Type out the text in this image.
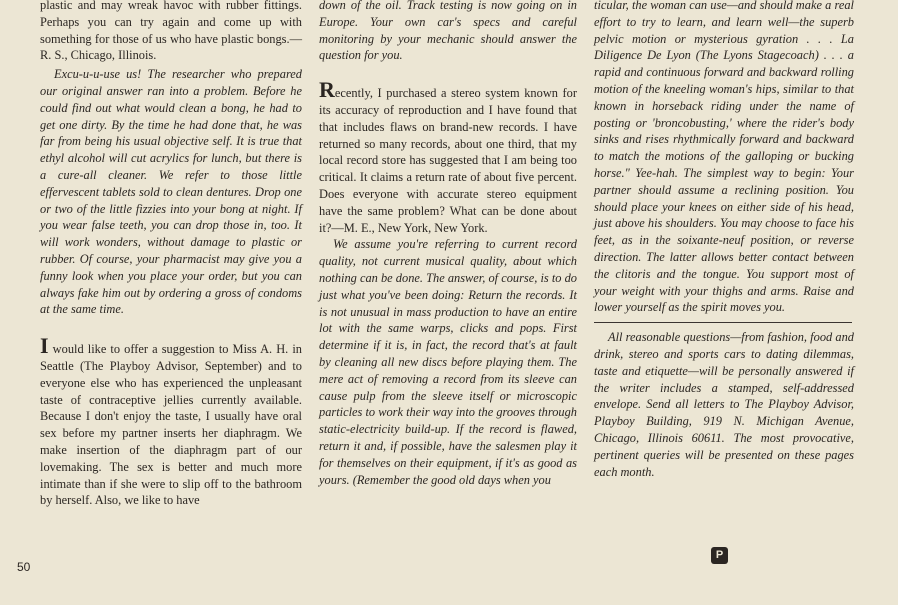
plastic and may wreak havoc with rubber fittings. Perhaps you can try again and come up with something for those of us who have plastic bongs.—R. S., Chicago, Illinois.

Excu-u-u-use us! The researcher who prepared our original answer ran into a problem. Before he could find out what would clean a bong, he had to get one dirty. By the time he had done that, he was far from being his usual objective self. It is true that ethyl alcohol will cut acrylics for lunch, but there is a cure-all cleaner. We refer to those little effervescent tablets sold to clean dentures. Drop one or two of the little fizzies into your bong at night. If you wear false teeth, you can drop those in, too. It will work wonders, without damage to plastic or rubber. Of course, your pharmacist may give you a funny look when you place your order, but you can always fake him out by ordering a gross of condoms at the same time.

I would like to offer a suggestion to Miss A. H. in Seattle (The Playboy Advisor, September) and to everyone else who has experienced the unpleasant taste of contraceptive jellies currently available. Because I don't enjoy the taste, I usually have oral sex before my partner inserts her diaphragm. We make insertion of the diaphragm part of our lovemaking. The sex is better and much more intimate than if she were to slip off to the bathroom by herself. Also, we like to have

down of the oil. Track testing is now going on in Europe. Your own car's specs and careful monitoring by your mechanic should answer the question for you.

Recently, I purchased a stereo system known for its accuracy of reproduction and I have found that that includes flaws on brand-new records. I have returned so many records, about one third, that my local record store has suggested that I am being too critical. It claims a return rate of about five percent. Does everyone with accurate stereo equipment have the same problem? What can be done about it?—M. E., New York, New York.

We assume you're referring to current record quality, not current musical quality, about which nothing can be done. The answer, of course, is to do just what you've been doing: Return the records. It is not unusual in mass production to have an entire lot with the same warps, clicks and pops. First determine if it is, in fact, the record that's at fault by cleaning all new discs before playing them. The mere act of removing a record from its sleeve can cause pulp from the sleeve itself or microscopic particles to work their way into the grooves through static-electricity build-up. If the record is flawed, return it and, if possible, have the salesmen play it for themselves on their equipment, if it's as good as yours. (Remember the good old days when you

ticular, the woman can use—and should make a real effort to try to learn, and learn well—the superb pelvic motion or mysterious gyration . . . La Diligence De Lyon (The Lyons Stagecoach) . . . a rapid and continuous forward and backward rolling motion of the kneeling woman's hips, similar to that known in horseback riding under the name of posting or 'broncobusting,' where the rider's body sinks and rises rhythmically forward and backward to match the motions of the galloping or bucking horse." Yee-hah. The simplest way to begin: Your partner should assume a reclining position. You should place your knees on either side of his head, just above his shoulders. You may choose to face his feet, as in the soixante-neuf position, or reverse direction. The latter allows better contact between the clitoris and the tongue. You support most of your weight with your thighs and arms. Raise and lower yourself as the spirit moves you.

All reasonable questions—from fashion, food and drink, stereo and sports cars to dating dilemmas, taste and etiquette—will be personally answered if the writer includes a stamped, self-addressed envelope. Send all letters to The Playboy Advisor, Playboy Building, 919 N. Michigan Avenue, Chicago, Illinois 60611. The most provocative, pertinent queries will be presented on these pages each month.

50
P
